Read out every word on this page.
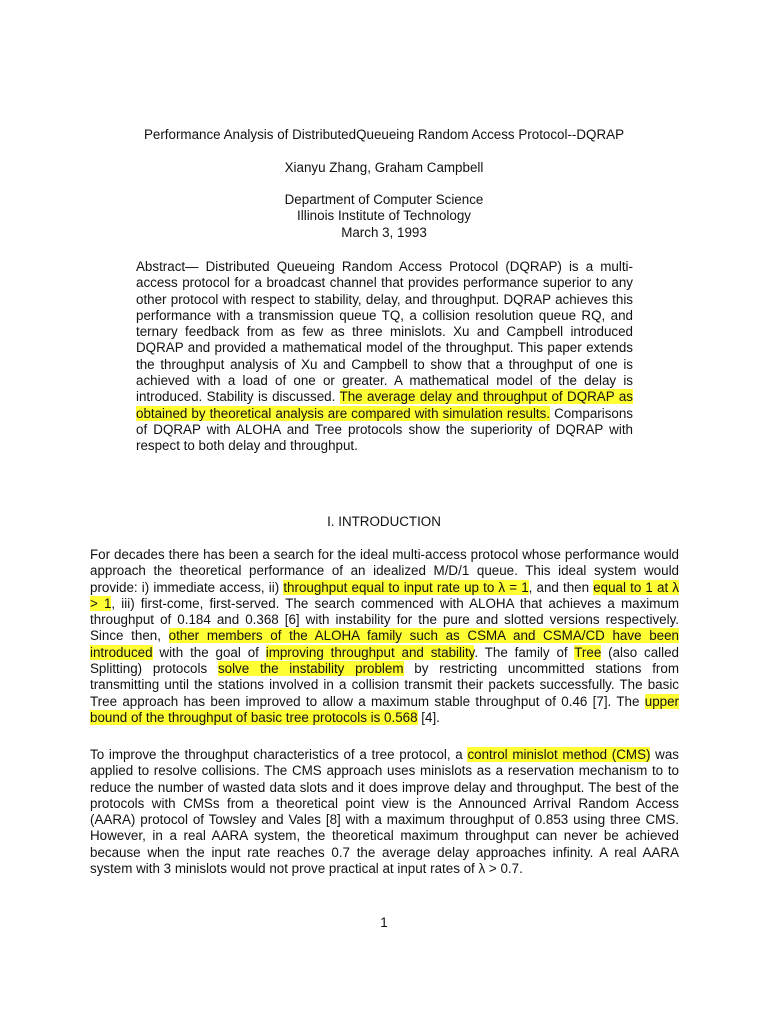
Performance Analysis of DistributedQueueing Random Access Protocol--DQRAP
Xianyu Zhang, Graham Campbell
Department of Computer Science
Illinois Institute of Technology
March 3, 1993
Abstract— Distributed Queueing Random Access Protocol (DQRAP) is a multi-access protocol for a broadcast channel that provides performance superior to any other protocol with respect to stability, delay, and throughput. DQRAP achieves this performance with a transmission queue TQ, a collision resolution queue RQ, and ternary feedback from as few as three minislots. Xu and Campbell introduced DQRAP and provided a mathematical model of the throughput. This paper extends the throughput analysis of Xu and Campbell to show that a throughput of one is achieved with a load of one or greater. A mathematical model of the delay is introduced. Stability is discussed. The average delay and throughput of DQRAP as obtained by theoretical analysis are compared with simulation results. Comparisons of DQRAP with ALOHA and Tree protocols show the superiority of DQRAP with respect to both delay and throughput.
I. INTRODUCTION
For decades there has been a search for the ideal multi-access protocol whose performance would approach the theoretical performance of an idealized M/D/1 queue. This ideal system would provide: i) immediate access, ii) throughput equal to input rate up to λ = 1, and then equal to 1 at λ > 1, iii) first-come, first-served. The search commenced with ALOHA that achieves a maximum throughput of 0.184 and 0.368 [6] with instability for the pure and slotted versions respectively. Since then, other members of the ALOHA family such as CSMA and CSMA/CD have been introduced with the goal of improving throughput and stability. The family of Tree (also called Splitting) protocols solve the instability problem by restricting uncommitted stations from transmitting until the stations involved in a collision transmit their packets successfully. The basic Tree approach has been improved to allow a maximum stable throughput of 0.46 [7]. The upper bound of the throughput of basic tree protocols is 0.568 [4].
To improve the throughput characteristics of a tree protocol, a control minislot method (CMS) was applied to resolve collisions. The CMS approach uses minislots as a reservation mechanism to to reduce the number of wasted data slots and it does improve delay and throughput. The best of the protocols with CMSs from a theoretical point view is the Announced Arrival Random Access (AARA) protocol of Towsley and Vales [8] with a maximum throughput of 0.853 using three CMS. However, in a real AARA system, the theoretical maximum throughput can never be achieved because when the input rate reaches 0.7 the average delay approaches infinity. A real AARA system with 3 minislots would not prove practical at input rates of λ > 0.7.
1
